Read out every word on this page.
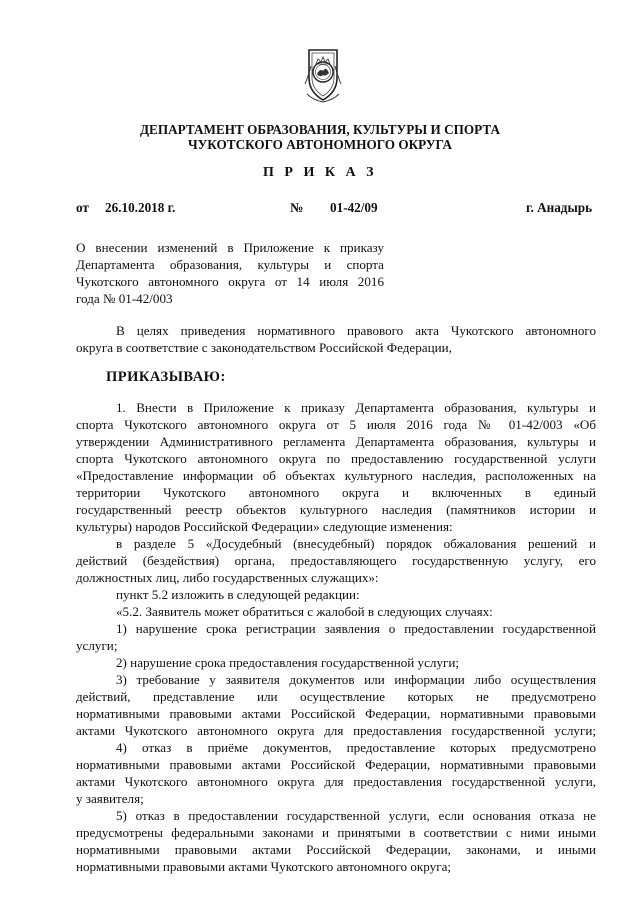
ДЕПАРТАМЕНТ ОБРАЗОВАНИЯ, КУЛЬТУРЫ И СПОРТА
ЧУКОТСКОГО АВТОНОМНОГО ОКРУГА
П Р И К А З
от 26.10.2018 г.	№ 01-42/09	г. Анадырь
О внесении изменений в Приложение к приказу
Департамента образования, культуры и спорта
Чукотского автономного округа от 14 июля 2016
года № 01-42/003
В целях приведения нормативного правового акта Чукотского автономного
округа в соответствие с законодательством Российской Федерации,
ПРИКАЗЫВАЮ:
1. Внести в Приложение к приказу Департамента образования, культуры и
спорта Чукотского автономного округа от 5 июля 2016 года № 01-42/003 «Об
утверждении Административного регламента Департамента образования, культуры и
спорта Чукотского автономного округа по предоставлению государственной услуги
«Предоставление информации об объектах культурного наследия, расположенных на
территории Чукотского автономного округа и включенных в единый
государственный реестр объектов культурного наследия (памятников истории и
культуры) народов Российской Федерации» следующие изменения:
в разделе 5 «Досудебный (внесудебный) порядок обжалования решений и
действий (бездействия) органа, предоставляющего государственную услугу, его
должностных лиц, либо государственных служащих»:
пункт 5.2 изложить в следующей редакции:
«5.2. Заявитель может обратиться с жалобой в следующих случаях:
1) нарушение срока регистрации заявления о предоставлении государственной
услуги;
2) нарушение срока предоставления государственной услуги;
3) требование у заявителя документов или информации либо осуществления
действий, представление или осуществление которых не предусмотрено
нормативными правовыми актами Российской Федерации, нормативными правовыми
актами Чукотского автономного округа для предоставления государственной услуги;
4) отказ в приёме документов, предоставление которых предусмотрено
нормативными правовыми актами Российской Федерации, нормативными правовыми
актами Чукотского автономного округа для предоставления государственной услуги,
у заявителя;
5) отказ в предоставлении государственной услуги, если основания отказа не
предусмотрены федеральными законами и принятыми в соответствии с ними иными
нормативными правовыми актами Российской Федерации, законами, и иными
нормативными правовыми актами Чукотского автономного округа;
